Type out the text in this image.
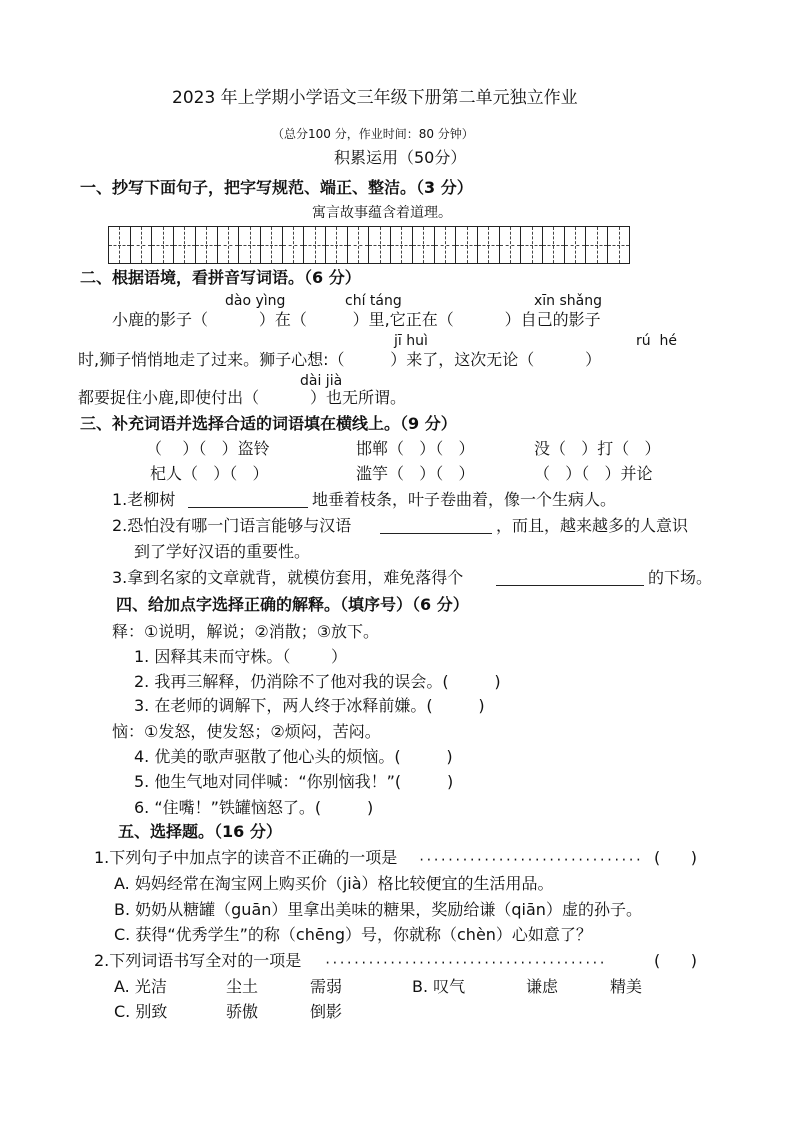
2023 年上学期小学语文三年级下册第二单元独立作业
（总分100 分，作业时间：80 分钟）
积累运用（50分）
一、抄写下面句子，把字写规范、端正、整洁。（3 分）
寓言故事蕴含着道理。
二、根据语境，看拼音写词语。（6 分）
dào yìng	chí táng	xīn shǎng
小鹿的影子（          ）在（         ）里,它正在（          ）自己的影子
jī huì	rú  hé
时,狮子悄悄地走了过来。狮子心想:（         ）来了，这次无论（          ）
dài jià
都要捉住小鹿,即使付出（          ）也无所谓。
三、补充词语并选择合适的词语填在横线上。（9 分）
（    ）（   ）盗铃	邯郸（   ）（   ）	没（   ）打（   ）
杞人（   ）（   ）	滥竽（   ）（   ）	（   ）（   ）并论
1.老柳树	地垂着枝条，叶子卷曲着，像一个生病人。
2.恐怕没有哪一门语言能够与汉语	，而且，越来越多的人意识
到了学好汉语的重要性。
3.拿到名家的文章就背，就模仿套用，难免落得个	的下场。
四、给加点字选择正确的解释。（填序号）（6 分）
释：①说明，解说；②消散；③放下。
1. 因释其耒而守株。（        ）
2. 我再三解释，仍消除不了他对我的误会。(         )
3. 在老师的调解下，两人终于冰释前嫌。(         )
恼：①发怒，使发怒；②烦闷，苦闷。
4. 优美的歌声驱散了他心头的烦恼。(         )
5. 他生气地对同伴喊：“你别恼我！”(         )
6. “住嘴！”铁罐恼怒了。(         )
五、选择题。（16 分）
1.下列句子中加点字的读音不正确的一项是 ······························· (      )
A. 妈妈经常在淘宝网上购买价（jià）格比较便宜的生活用品。
B. 奶奶从糖罐（guān）里拿出美味的糖果，奖励给谦（qiān）虚的孙子。
C. 获得“优秀学生”的称（chēng）号，你就称（chèn）心如意了？
2.下列词语书写全对的一项是 ·······································	(      )
A. 光洁	尘土	需弱	B. 叹气	谦虑	精美
C. 别致	骄傲	倒影
